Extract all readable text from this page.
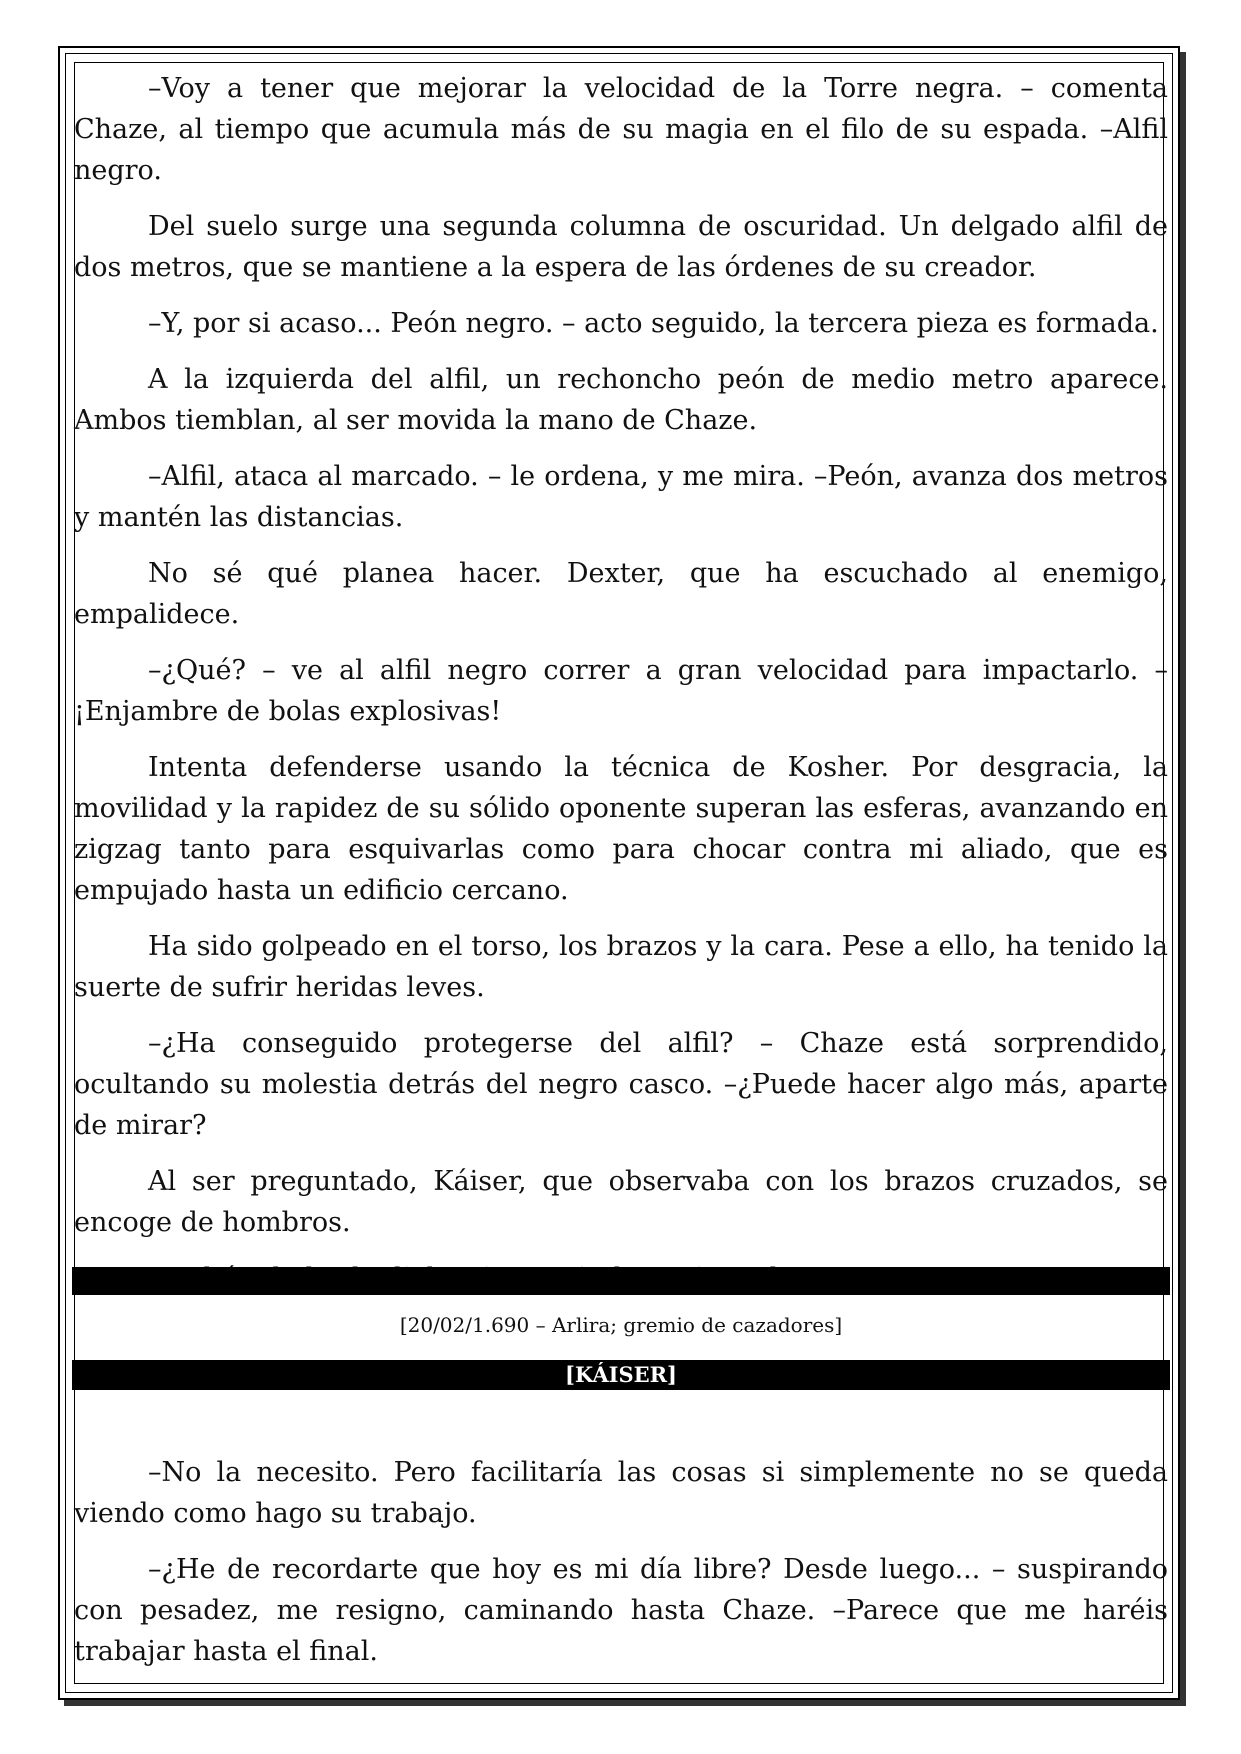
–Voy a tener que mejorar la velocidad de la Torre negra. – comenta Chaze, al tiempo que acumula más de su magia en el filo de su espada. –Alfil negro.

Del suelo surge una segunda columna de oscuridad. Un delgado alfil de dos metros, que se mantiene a la espera de las órdenes de su creador.

–Y, por si acaso... Peón negro. – acto seguido, la tercera pieza es formada.

A la izquierda del alfil, un rechoncho peón de medio metro aparece. Ambos tiemblan, al ser movida la mano de Chaze.

–Alfil, ataca al marcado. – le ordena, y me mira. –Peón, avanza dos metros y mantén las distancias.

No sé qué planea hacer. Dexter, que ha escuchado al enemigo, empalidece.

–¿Qué? – ve al alfil negro correr a gran velocidad para impactarlo. –¡Enjambre de bolas explosivas!

Intenta defenderse usando la técnica de Kosher. Por desgracia, la movilidad y la rapidez de su sólido oponente superan las esferas, avanzando en zigzag tanto para esquivarlas como para chocar contra mi aliado, que es empujado hasta un edificio cercano.

Ha sido golpeado en el torso, los brazos y la cara. Pese a ello, ha tenido la suerte de sufrir heridas leves.

–¿Ha conseguido protegerse del alfil? – Chaze está sorprendido, ocultando su molestia detrás del negro casco. –¿Puede hacer algo más, aparte de mirar?

Al ser preguntado, Káiser, que observaba con los brazos cruzados, se encoge de hombros.

[20/02/1.690 – Arlira; gremio de cazadores]
[KÁISER]

–No la necesito. Pero facilitaría las cosas si simplemente no se queda viendo como hago su trabajo.

–¿He de recordarte que hoy es mi día libre? Desde luego... – suspirando con pesadez, me resigno, caminando hasta Chaze. –Parece que me haréis trabajar hasta el final.
